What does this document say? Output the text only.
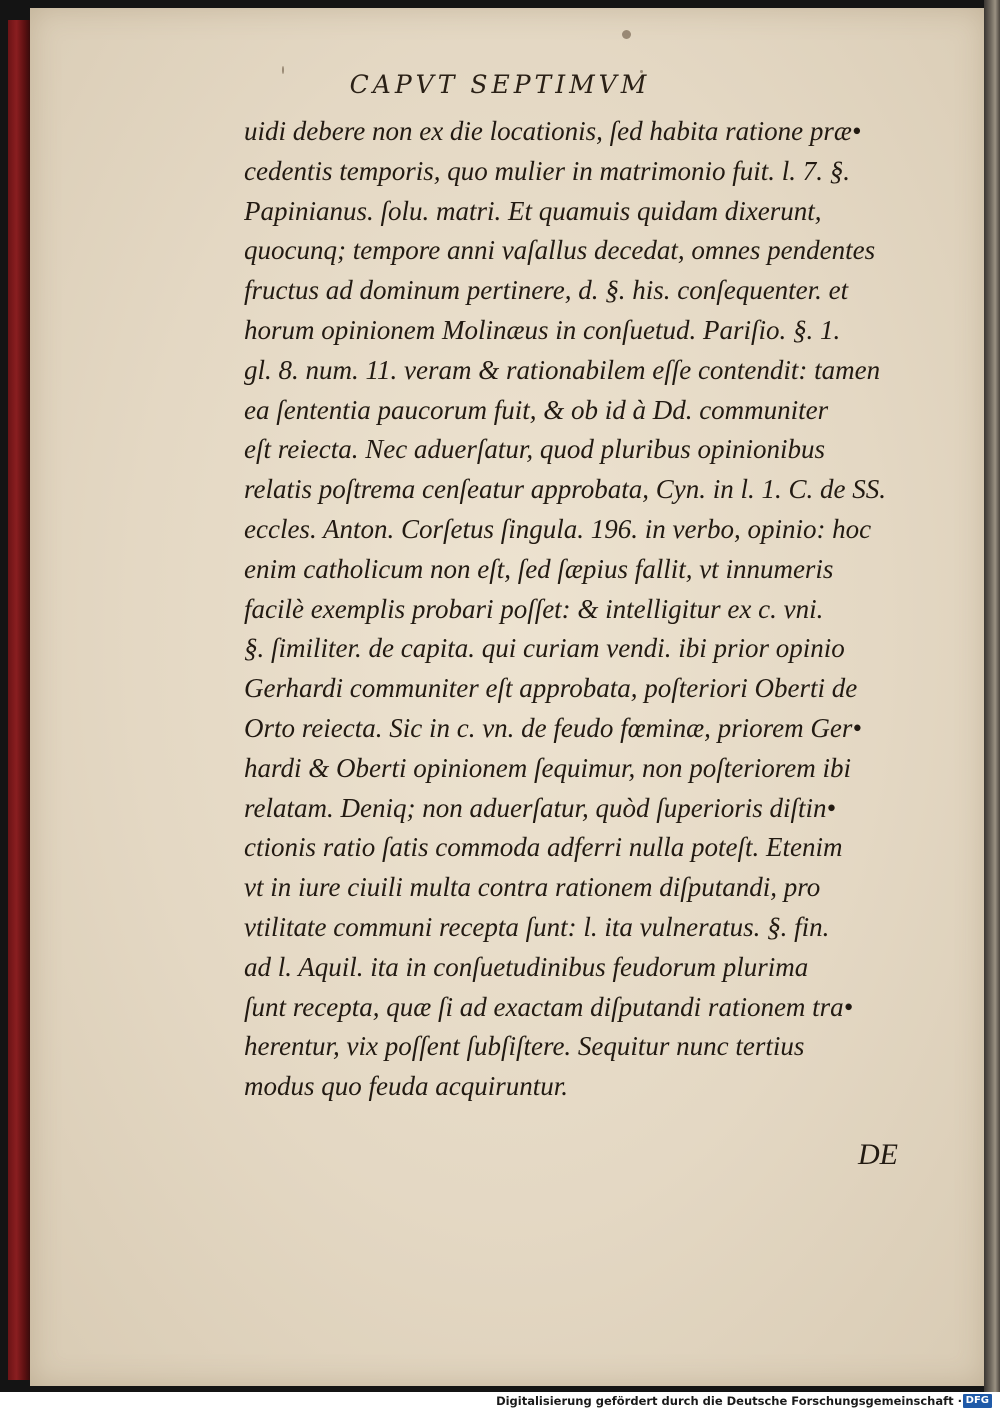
CAPVT SEPTIMVM
uidi debere non ex die locationis, ſed habita ratione præ•
cedentis temporis, quo mulier in matrimonio fuit. l. 7. §.
Papinianus. ſolu. matri. Et quamuis quidam dixerunt,
quocunq; tempore anni vaſallus decedat, omnes pendentes
fructus ad dominum pertinere, d. §. his. conſequenter. et
horum opinionem Molinæus in conſuetud. Pariſio. §. 1.
gl. 8. num. 11. veram & rationabilem eſſe contendit: tamen
ea ſententia paucorum fuit, & ob id à Dd. communiter
eſt reiecta. Nec aduerſatur, quod pluribus opinionibus
relatis poſtrema cenſeatur approbata, Cyn. in l. 1. C. de SS.
eccles. Anton. Corſetus ſingula. 196. in verbo, opinio: hoc
enim catholicum non eſt, ſed ſæpius fallit, vt innumeris
facilè exemplis probari poſſet: & intelligitur ex c. vni.
§. ſimiliter. de capita. qui curiam vendi. ibi prior opinio
Gerhardi communiter eſt approbata, poſteriori Oberti de
Orto reiecta. Sic in c. vn. de feudo fœminæ, priorem Ger•
hardi & Oberti opinionem ſequimur, non poſteriorem ibi
relatam. Deniq; non aduerſatur, quòd ſuperioris diſtin•
ctionis ratio ſatis commoda adferri nulla poteſt. Etenim
vt in iure ciuili multa contra rationem diſputandi, pro
vtilitate communi recepta ſunt: l. ita vulneratus. §. fin.
ad l. Aquil. ita in conſuetudinibus feudorum plurima
ſunt recepta, quæ ſi ad exactam diſputandi rationem tra•
herentur, vix poſſent ſubſiſtere. Sequitur nunc tertius
modus quo feuda acquiruntur.
DE
Digitalisierung gefördert durch die Deutsche Forschungsgemeinschaft · DFG
